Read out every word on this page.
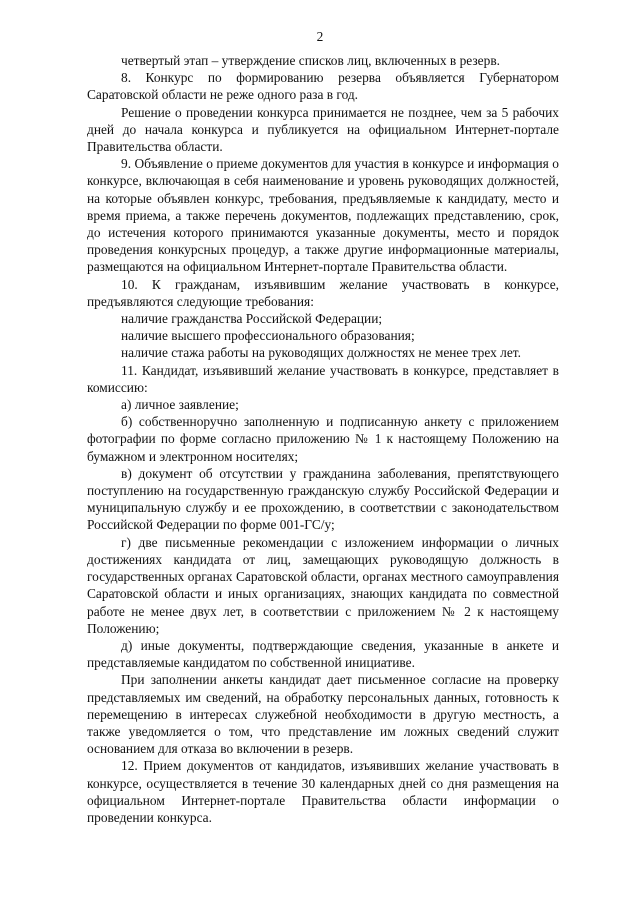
2

четвертый этап – утверждение списков лиц, включенных в резерв.

8. Конкурс по формированию резерва объявляется Губернатором Саратовской области не реже одного раза в год.

Решение о проведении конкурса принимается не позднее, чем за 5 рабочих дней до начала конкурса и публикуется на официальном Интернет-портале Правительства области.

9. Объявление о приеме документов для участия в конкурсе и информация о конкурсе, включающая в себя наименование и уровень руководящих должностей, на которые объявлен конкурс, требования, предъявляемые к кандидату, место и время приема, а также перечень документов, подлежащих представлению, срок, до истечения которого принимаются указанные документы, место и порядок проведения конкурсных процедур, а также другие информационные материалы, размещаются на официальном Интернет-портале Правительства области.

10. К гражданам, изъявившим желание участвовать в конкурсе, предъявляются следующие требования:

наличие гражданства Российской Федерации;

наличие высшего профессионального образования;

наличие стажа работы на руководящих должностях не менее трех лет.

11. Кандидат, изъявивший желание участвовать в конкурсе, представляет в комиссию:

а) личное заявление;

б) собственноручно заполненную и подписанную анкету с приложением фотографии по форме согласно приложению № 1 к настоящему Положению на бумажном и электронном носителях;

в) документ об отсутствии у гражданина заболевания, препятствующего поступлению на государственную гражданскую службу Российской Федерации и муниципальную службу и ее прохождению, в соответствии с законодательством Российской Федерации по форме 001-ГС/у;

г) две письменные рекомендации с изложением информации о личных достижениях кандидата от лиц, замещающих руководящую должность в государственных органах Саратовской области, органах местного самоуправления Саратовской области и иных организациях, знающих кандидата по совместной работе не менее двух лет, в соответствии с приложением № 2 к настоящему Положению;

д) иные документы, подтверждающие сведения, указанные в анкете и представляемые кандидатом по собственной инициативе.

При заполнении анкеты кандидат дает письменное согласие на проверку представляемых им сведений, на обработку персональных данных, готовность к перемещению в интересах служебной необходимости в другую местность, а также уведомляется о том, что представление им ложных сведений служит основанием для отказа во включении в резерв.

12. Прием документов от кандидатов, изъявивших желание участвовать в конкурсе, осуществляется в течение 30 календарных дней со дня размещения на официальном Интернет-портале Правительства области информации о проведении конкурса.
